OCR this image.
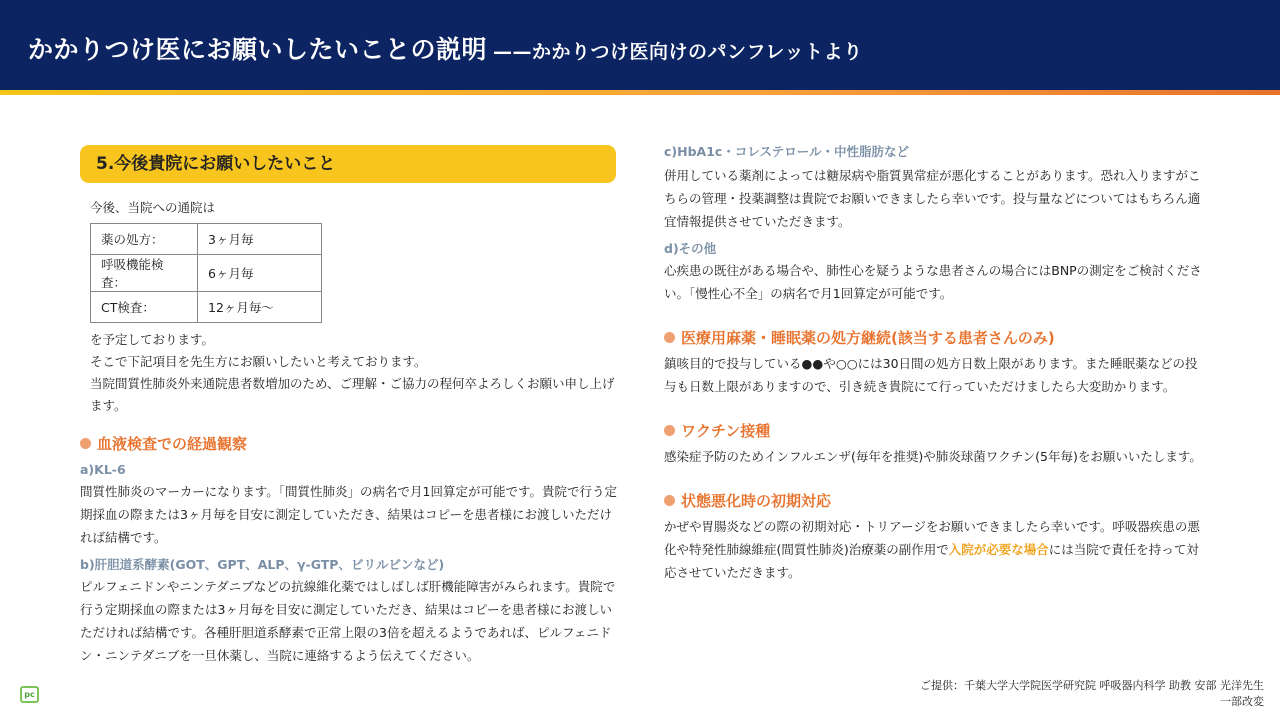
かかりつけ医にお願いしたいことの説明 ——かかりつけ医向けのパンフレットより
5.今後貴院にお願いしたいこと
今後、当院への通院は
薬の処方：	3ヶ月毎
呼吸機能検査：	6ヶ月毎
CT検査：	12ヶ月毎〜
を予定しております。
そこで下記項目を先生方にお願いしたいと考えております。
当院間質性肺炎外来通院患者数増加のため、ご理解・ご協力の程何卒よろしくお願い申し上げます。
血液検査での経過観察
a)KL-6
間質性肺炎のマーカーになります。「間質性肺炎」の病名で月1回算定が可能です。貴院で行う定期採血の際または3ヶ月毎を目安に測定していただき、結果はコピーを患者様にお渡しいただければ結構です。
b)肝胆道系酵素(GOT、GPT、ALP、γ-GTP、ビリルビンなど)
ピルフェニドンやニンテダニブなどの抗線維化薬ではしばしば肝機能障害がみられます。貴院で行う定期採血の際または3ヶ月毎を目安に測定していただき、結果はコピーを患者様にお渡しいただければ結構です。各種肝胆道系酵素で正常上限の3倍を超えるようであれば、ピルフェニドン・ニンテダニブを一旦休薬し、当院に連絡するよう伝えてください。
c)HbA1c・コレステロール・中性脂肪など
併用している薬剤によっては糖尿病や脂質異常症が悪化することがあります。恐れ入りますがこちらの管理・投薬調整は貴院でお願いできましたら幸いです。投与量などについてはもちろん適宜情報提供させていただきます。
d)その他
心疾患の既往がある場合や、肺性心を疑うような患者さんの場合にはBNPの測定をご検討ください。「慢性心不全」の病名で月1回算定が可能です。
医療用麻薬・睡眠薬の処方継続(該当する患者さんのみ)
鎮咳目的で投与している●●や○○には30日間の処方日数上限があります。また睡眠薬などの投与も日数上限がありますので、引き続き貴院にて行っていただけましたら大変助かります。
ワクチン接種
感染症予防のためインフルエンザ(毎年を推奨)や肺炎球菌ワクチン(5年毎)をお願いいたします。
状態悪化時の初期対応
かぜや胃腸炎などの際の初期対応・トリアージをお願いできましたら幸いです。呼吸器疾患の悪化や特発性肺線維症(間質性肺炎)治療薬の副作用で入院が必要な場合には当院で責任を持って対応させていただきます。
pc
ご提供：千葉大学大学院医学研究院 呼吸器内科学 助教 安部 光洋先生
一部改変
